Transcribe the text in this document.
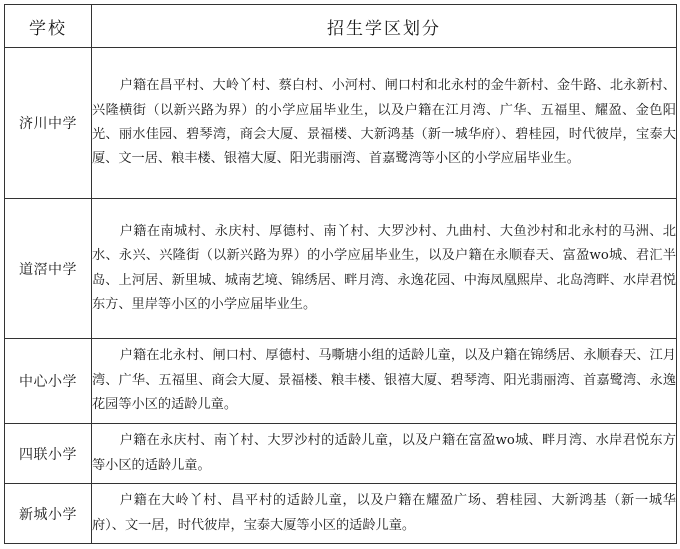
学校	招生学区划分
济川中学	户籍在昌平村、大岭丫村、蔡白村、小河村、闸口村和北永村的金牛新村、金牛路、北永新村、兴隆横街（以新兴路为界）的小学应届毕业生，以及户籍在江月湾、广华、五福里、耀盈、金色阳光、丽水佳园、碧琴湾，商会大厦、景福楼、大新鸿基（新一城华府）、碧桂园，时代彼岸，宝泰大厦、文一居、粮丰楼、银禧大厦、阳光翡丽湾、首嘉鹭湾等小区的小学应届毕业生。
道滘中学	户籍在南城村、永庆村、厚德村、南丫村、大罗沙村、九曲村、大鱼沙村和北永村的马洲、北水、永兴、兴隆街（以新兴路为界）的小学应届毕业生，以及户籍在永顺春天、富盈wo城、君汇半岛、上河居、新里城、城南艺境、锦绣居、畔月湾、永逸花园、中海凤凰熙岸、北岛湾畔、水岸君悦东方、里岸等小区的小学应届毕业生。
中心小学	户籍在北永村、闸口村、厚德村、马嘶塘小组的适龄儿童，以及户籍在锦绣居、永顺春天、江月湾、广华、五福里、商会大厦、景福楼、粮丰楼、银禧大厦、碧琴湾、阳光翡丽湾、首嘉鹭湾、永逸花园等小区的适龄儿童。
四联小学	户籍在永庆村、南丫村、大罗沙村的适龄儿童，以及户籍在富盈wo城、畔月湾、水岸君悦东方等小区的适龄儿童。
新城小学	户籍在大岭丫村、昌平村的适龄儿童，以及户籍在耀盈广场、碧桂园、大新鸿基（新一城华府）、文一居，时代彼岸，宝泰大厦等小区的适龄儿童。
